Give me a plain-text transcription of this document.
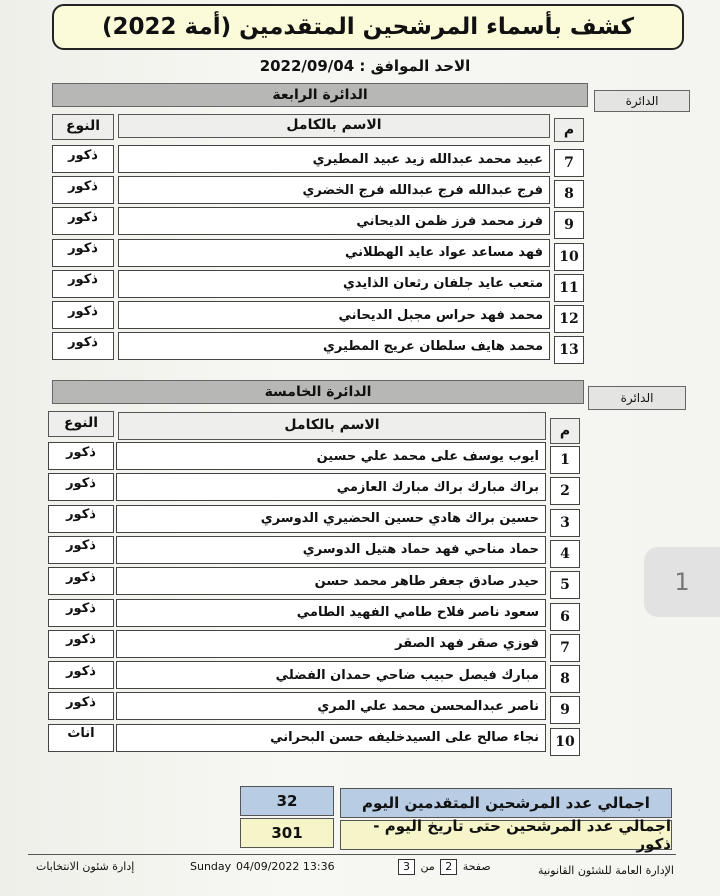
كشف بأسماء المرشحين المتقدمين (أمة 2022)
الاحد الموافق : 2022/09/04
الدائرة الرابعة	الدائرة
النوع	الاسم بالكامل	م
ذكور	عبيد محمد عبدالله زيد عبيد المطيري 7
ذكور	فرج عبدالله فرج عبدالله فرج الخضري 8
ذكور	فرز محمد فرز ظمن الديحاني 9
ذكور	فهد مساعد عواد عايد الهطلاني 10
ذكور	متعب عايد جلفان رثعان الذايدي 11
ذكور	محمد فهد حراس مجبل الديحاني 12
ذكور	محمد هايف سلطان عريج المطيري 13
الدائرة الخامسة	الدائرة
النوع	الاسم بالكامل	م
ذكور	ايوب يوسف على محمد علي حسين 1
ذكور	براك مبارك براك مبارك العازمي 2
ذكور	حسين براك هادي حسين الحضيري الدوسري 3
ذكور	حماد مناحي فهد حماد هتيل الدوسري 4
ذكور	حيدر صادق جعفر طاهر محمد حسن 5
ذكور	سعود ناصر فلاح طامي الفهيد الطامي 6
ذكور	فوزي صقر فهد الصقر 7
ذكور	مبارك فيصل حبيب ضاحي حمدان الفضلي 8
ذكور	ناصر عبدالمحسن محمد علي المري 9
اناث	نجاء صالح على السيدخليفه حسن البحراني 10
32	اجمالي عدد المرشحين المتقدمين اليوم
301	اجمالي عدد المرشحين حتى تاريخ اليوم - ذكور
إدارة شئون الانتخابات	Sunday 04/09/2022 13:36	صفحة 2 من 3	الإدارة العامة للشئون القانونية
1
